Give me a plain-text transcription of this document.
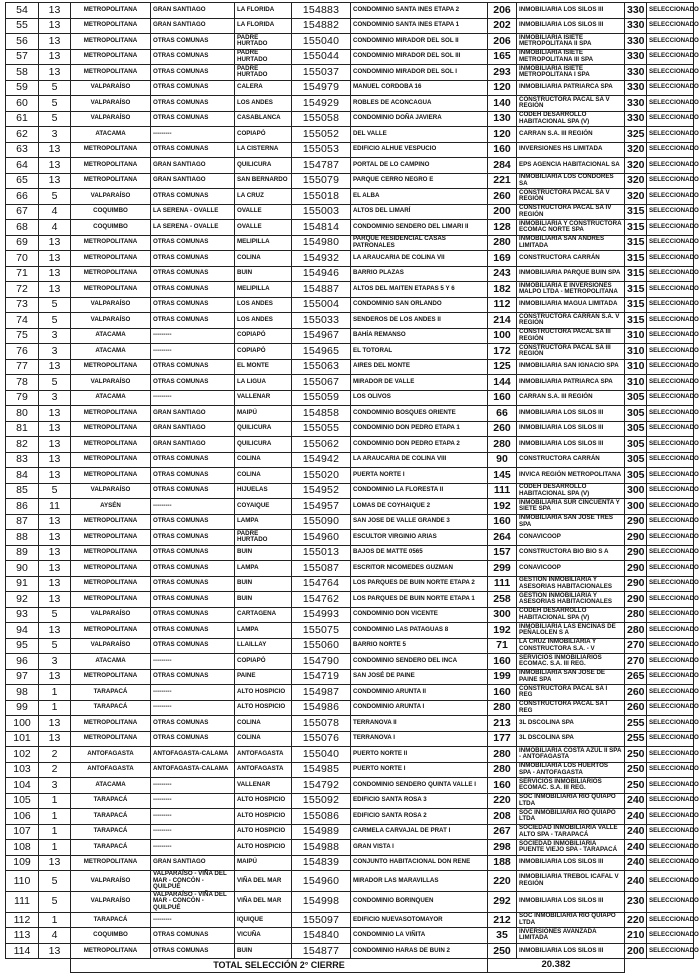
54	13	METROPOLITANA	GRAN SANTIAGO	LA FLORIDA	154883	CONDOMINIO SANTA INES ETAPA 2	206	INMOBILIARIA LOS SILOS III	330	SELECCIONADO
55	13	METROPOLITANA	GRAN SANTIAGO	LA FLORIDA	154882	CONDOMINIO SANTA INES ETAPA 1	202	INMOBILIARIA LOS SILOS III	330	SELECCIONADO
56	13	METROPOLITANA	OTRAS COMUNAS	PADRE HURTADO	155040	CONDOMINIO MIRADOR DEL SOL II	206	INMOBILIARIA ISIETE METROPOLITANA II SPA	330	SELECCIONADO
57	13	METROPOLITANA	OTRAS COMUNAS	PADRE HURTADO	155044	CONDOMINIO MIRADOR DEL SOL III	165	INMOBILIARIA ISIETE METROPOLITANA III SPA	330	SELECCIONADO
58	13	METROPOLITANA	OTRAS COMUNAS	PADRE HURTADO	155037	CONDOMINIO MIRADOR DEL SOL I	293	INMOBILIARIA ISIETE METROPOLITANA I SPA	330	SELECCIONADO
59	5	VALPARAÍSO	OTRAS COMUNAS	CALERA	154979	MANUEL CORDOBA 16	120	INMOBILIARIA PATRIARCA SPA	330	SELECCIONADO
60	5	VALPARAÍSO	OTRAS COMUNAS	LOS ANDES	154929	ROBLES DE ACONCAGUA	140	CONSTRUCTORA PACAL SA V REGIÓN	330	SELECCIONADO
61	5	VALPARAÍSO	OTRAS COMUNAS	CASABLANCA	155058	CONDOMINIO DOÑA JAVIERA	130	CODEH DESARROLLO HABITACIONAL SPA (V)	330	SELECCIONADO
62	3	ATACAMA	---------	COPIAPÓ	155052	DEL VALLE	120	CARRAN S.A. III REGIÓN	325	SELECCIONADO
63	13	METROPOLITANA	OTRAS COMUNAS	LA CISTERNA	155053	EDIFICIO ALHUE VESPUCIO	160	INVERSIONES HS LIMITADA	320	SELECCIONADO
64	13	METROPOLITANA	GRAN SANTIAGO	QUILICURA	154787	PORTAL DE LO CAMPINO	284	EPS AGENCIA HABITACIONAL SA	320	SELECCIONADO
65	13	METROPOLITANA	GRAN SANTIAGO	SAN BERNARDO	155079	PARQUE CERRO NEGRO E	221	INMOBILIARIA LOS CONDORES SA	320	SELECCIONADO
66	5	VALPARAÍSO	OTRAS COMUNAS	LA CRUZ	155018	EL ALBA	260	CONSTRUCTORA PACAL SA V REGIÓN	320	SELECCIONADO
67	4	COQUIMBO	LA SERENA - OVALLE	OVALLE	155003	ALTOS DEL LIMARÍ	200	CONSTRUCTORA PACAL SA IV REGIÓN	315	SELECCIONADO
68	4	COQUIMBO	LA SERENA - OVALLE	OVALLE	154814	CONDOMINIO SENDERO DEL LIMARI II	128	INMOBILIARIA Y CONSTRUCTORA ECOMAC NORTE SPA	315	SELECCIONADO
69	13	METROPOLITANA	OTRAS COMUNAS	MELIPILLA	154980	PARQUE RESIDENCIAL CASAS PATRONALES	280	INMOBILIARIA SAN ANDRES LIMITADA	315	SELECCIONADO
70	13	METROPOLITANA	OTRAS COMUNAS	COLINA	154932	LA ARAUCARIA DE COLINA VII	169	CONSTRUCTORA CARRÁN	315	SELECCIONADO
71	13	METROPOLITANA	OTRAS COMUNAS	BUIN	154946	BARRIO PLAZAS	243	INMOBILIARIA PARQUE BUIN SPA	315	SELECCIONADO
72	13	METROPOLITANA	OTRAS COMUNAS	MELIPILLA	154887	ALTOS DEL MAITEN ETAPAS 5 Y 6	182	INMOBILIARIA E INVERSIONES MALPO LTDA - METROPOLITANA	315	SELECCIONADO
73	5	VALPARAÍSO	OTRAS COMUNAS	LOS ANDES	155004	CONDOMINIO SAN ORLANDO	112	INMOBILIARIA MAGUA LIMITADA	315	SELECCIONADO
74	5	VALPARAÍSO	OTRAS COMUNAS	LOS ANDES	155033	SENDEROS DE LOS ANDES II	214	CONSTRUCTORA CARRAN S.A. V REGIÓN	315	SELECCIONADO
75	3	ATACAMA	---------	COPIAPÓ	154967	BAHÍA REMANSO	100	CONSTRUCTORA PACAL SA III REGIÓN	310	SELECCIONADO
76	3	ATACAMA	---------	COPIAPÓ	154965	EL TOTORAL	172	CONSTRUCTORA PACAL SA III REGIÓN	310	SELECCIONADO
77	13	METROPOLITANA	OTRAS COMUNAS	EL MONTE	155063	AIRES DEL MONTE	125	INMOBILIARIA SAN IGNACIO SPA	310	SELECCIONADO
78	5	VALPARAÍSO	OTRAS COMUNAS	LA LIGUA	155067	MIRADOR DE VALLE	144	INMOBILIARIA PATRIARCA SPA	310	SELECCIONADO
79	3	ATACAMA	---------	VALLENAR	155059	LOS OLIVOS	160	CARRAN S.A. III REGIÓN	305	SELECCIONADO
80	13	METROPOLITANA	GRAN SANTIAGO	MAIPÚ	154858	CONDOMINIO BOSQUES ORIENTE	66	INMOBILIARIA LOS SILOS III	305	SELECCIONADO
81	13	METROPOLITANA	GRAN SANTIAGO	QUILICURA	155055	CONDOMINIO DON PEDRO ETAPA 1	260	INMOBILIARIA LOS SILOS III	305	SELECCIONADO
82	13	METROPOLITANA	GRAN SANTIAGO	QUILICURA	155062	CONDOMINIO DON PEDRO ETAPA 2	280	INMOBILIARIA LOS SILOS III	305	SELECCIONADO
83	13	METROPOLITANA	OTRAS COMUNAS	COLINA	154942	LA ARAUCARIA DE COLINA VIII	90	CONSTRUCTORA CARRÁN	305	SELECCIONADO
84	13	METROPOLITANA	OTRAS COMUNAS	COLINA	155020	PUERTA NORTE I	145	INVICA REGIÓN METROPOLITANA	305	SELECCIONADO
85	5	VALPARAÍSO	OTRAS COMUNAS	HIJUELAS	154952	CONDOMINIO LA FLORESTA II	111	CODEH DESARROLLO HABITACIONAL SPA (V)	300	SELECCIONADO
86	11	AYSÉN	---------	COYAIQUE	154957	LOMAS DE COYHAIQUE 2	192	INMOBILIARIA SUR CINCUENTA Y SIETE SPA	300	SELECCIONADO
87	13	METROPOLITANA	OTRAS COMUNAS	LAMPA	155090	SAN JOSE DE VALLE GRANDE 3	160	INMOBILIARIA SAN JOSE TRES SPA	290	SELECCIONADO
88	13	METROPOLITANA	OTRAS COMUNAS	PADRE HURTADO	154960	ESCULTOR VIRGINIO ARIAS	264	CONAVICOOP	290	SELECCIONADO
89	13	METROPOLITANA	OTRAS COMUNAS	BUIN	155013	BAJOS DE MATTE 0565	157	CONSTRUCTORA BIO BIO S A	290	SELECCIONADO
90	13	METROPOLITANA	OTRAS COMUNAS	LAMPA	155087	ESCRITOR NICOMEDES GUZMAN	299	CONAVICOOP	290	SELECCIONADO
91	13	METROPOLITANA	OTRAS COMUNAS	BUIN	154764	LOS PARQUES DE BUIN NORTE ETAPA 2	111	GESTION INMOBILIARIA Y ASESORIAS HABITACIONALES	290	SELECCIONADO
92	13	METROPOLITANA	OTRAS COMUNAS	BUIN	154762	LOS PARQUES DE BUIN NORTE ETAPA 1	258	GESTION INMOBILIARIA Y ASESORIAS HABITACIONALES	290	SELECCIONADO
93	5	VALPARAÍSO	OTRAS COMUNAS	CARTAGENA	154993	CONDOMINIO DON VICENTE	300	CODEH DESARROLLO HABITACIONAL SPA (V)	280	SELECCIONADO
94	13	METROPOLITANA	OTRAS COMUNAS	LAMPA	155075	CONDOMINIO LAS PATAGUAS 8	192	INMOBILIARIA LAS ENCINAS DE PEÑALOLEN S A	280	SELECCIONADO
95	5	VALPARAÍSO	OTRAS COMUNAS	LLAILLAY	155060	BARRIO NORTE 5	71	LA CRUZ INMOBILIARIA Y CONSTRUCTORA S.A. - V	270	SELECCIONADO
96	3	ATACAMA	---------	COPIAPÓ	154790	CONDOMINIO SENDERO DEL INCA	160	SERVICIOS INMOBILIARIOS ECOMAC. S.A. III REG.	270	SELECCIONADO
97	13	METROPOLITANA	OTRAS COMUNAS	PAINE	154719	SAN JOSÉ DE PAINE	199	INMOBILIARIA SAN JOSE DE PAINE SPA	265	SELECCIONADO
98	1	TARAPACÁ	---------	ALTO HOSPICIO	154987	CONDOMINIO ARUNTA II	160	CONSTRUCTORA PACAL SA I REG	260	SELECCIONADO
99	1	TARAPACÁ	---------	ALTO HOSPICIO	154986	CONDOMINIO ARUNTA I	280	CONSTRUCTORA PACAL SA I REG	260	SELECCIONADO
100	13	METROPOLITANA	OTRAS COMUNAS	COLINA	155078	TERRANOVA II	213	3L DSCOLINA SPA	255	SELECCIONADO
101	13	METROPOLITANA	OTRAS COMUNAS	COLINA	155076	TERRANOVA I	177	3L DSCOLINA SPA	255	SELECCIONADO
102	2	ANTOFAGASTA	ANTOFAGASTA-CALAMA	ANTOFAGASTA	155040	PUERTO NORTE II	280	INMOBILIARIA COSTA AZUL II SPA - ANTOFAGASTA	250	SELECCIONADO
103	2	ANTOFAGASTA	ANTOFAGASTA-CALAMA	ANTOFAGASTA	154985	PUERTO NORTE I	280	INMOBILIARIA LOS HUERTOS SPA - ANTOFAGASTA	250	SELECCIONADO
104	3	ATACAMA	---------	VALLENAR	154792	CONDOMINIO SENDERO QUINTA VALLE I	160	SERVICIOS INMOBILIARIOS ECOMAC. S.A. III REG.	250	SELECCIONADO
105	1	TARAPACÁ	---------	ALTO HOSPICIO	155092	EDIFICIO SANTA ROSA 3	220	SOC INMOBILIARIA RIO QUIAPO LTDA	240	SELECCIONADO
106	1	TARAPACÁ	---------	ALTO HOSPICIO	155086	EDIFICIO SANTA ROSA 2	208	SOC INMOBILIARIA RIO QUIAPO LTDA	240	SELECCIONADO
107	1	TARAPACÁ	---------	ALTO HOSPICIO	154989	CARMELA CARVAJAL DE PRAT I	267	SOCIEDAD INMOBILIARIA VALLE ALTO SPA - TARAPACÁ	240	SELECCIONADO
108	1	TARAPACÁ	---------	ALTO HOSPICIO	154988	GRAN VISTA I	298	SOCIEDAD INMOBILIARIA PUENTE VIEJO SPA - TARAPACÁ	240	SELECCIONADO
109	13	METROPOLITANA	GRAN SANTIAGO	MAIPÚ	154839	CONJUNTO HABITACIONAL DON RENE	188	INMOBILIARIA LOS SILOS III	240	SELECCIONADO
110	5	VALPARAÍSO	VALPARAÍSO - VIÑA DEL MAR - CONCÓN - QUILPUÉ	VIÑA DEL MAR	154960	MIRADOR LAS MARAVILLAS	220	INMOBILIARIA TREBOL ICAFAL V REGIÓN	240	SELECCIONADO
111	5	VALPARAÍSO	VALPARAÍSO - VIÑA DEL MAR - CONCÓN - QUILPUÉ	VIÑA DEL MAR	154998	CONDOMINIO BORINQUEN	292	INMOBILIARIA LOS SILOS III	230	SELECCIONADO
112	1	TARAPACÁ	---------	IQUIQUE	155097	EDIFICIO NUEVASOTOMAYOR	212	SOC INMOBILIARIA RIO QUIAPO LTDA	220	SELECCIONADO
113	4	COQUIMBO	OTRAS COMUNAS	VICUÑA	154840	CONDOMINIO LA VIÑITA	35	INVERSIONES AVANZADA LIMITADA	210	SELECCIONADO
114	13	METROPOLITANA	OTRAS COMUNAS	BUIN	154877	CONDOMINIO HARAS DE BUIN 2	250	INMOBILIARIA LOS SILOS III	200	SELECCIONADO
		TOTAL SELECCIÓN 2° CIERRE					20.382			
